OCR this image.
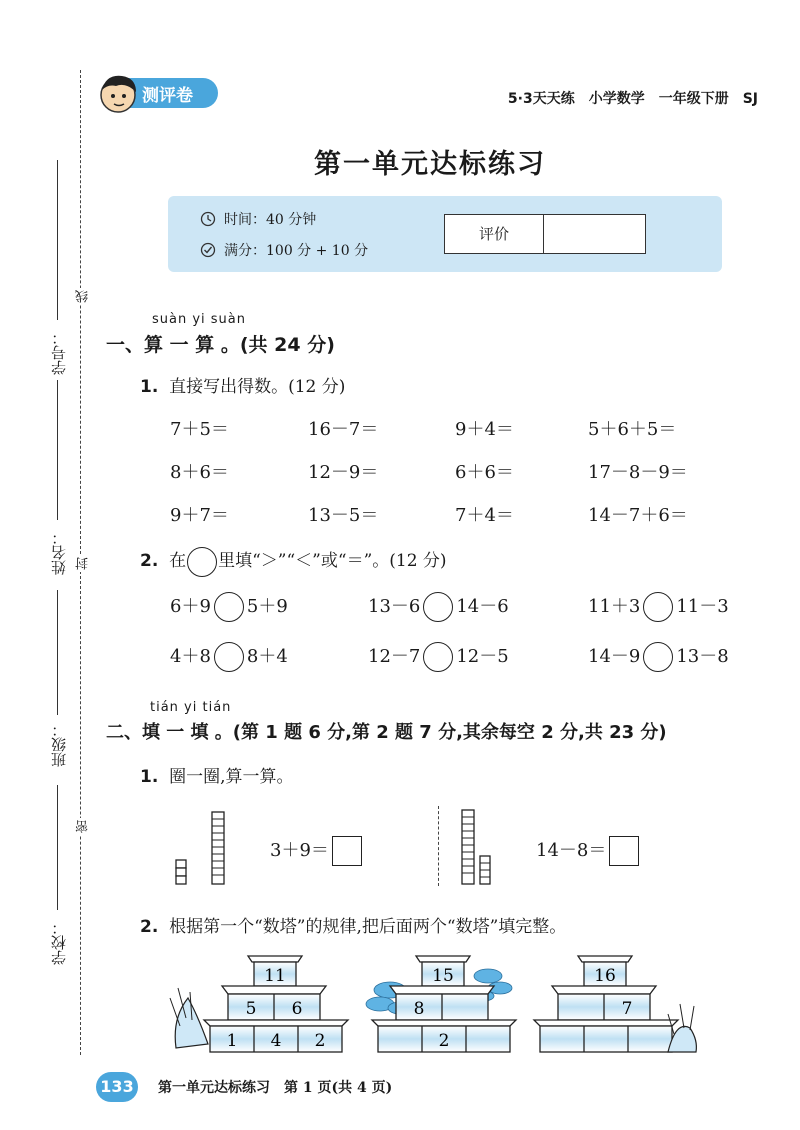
学号：
线
姓名： 封
班级：
密
学校：
测评卷	5·3天天练　小学数学　一年级下册　SJ
第一单元达标练习
时间：40 分钟
满分：100 分 + 10 分
评价
suàn yi suàn
一、算 一 算 。(共 24 分)
1. 直接写出得数。(12 分)
7＋5＝	16－7＝	9＋4＝	5＋6＋5＝
8＋6＝	12－9＝	6＋6＝	17－8－9＝
9＋7＝	13－5＝	7＋4＝	14－7＋6＝
2. 在 里填“＞”“＜”或“＝”。(12 分)
6＋9 5＋9	13－6 14－6	11＋3 11－3
4＋8 8＋4	12－7 12－5	14－9 13－8
tián yi tián
二、填 一 填 。(第 1 题 6 分,第 2 题 7 分,其余每空 2 分,共 23 分)
1. 圈一圈,算一算。
3＋9＝	14－8＝
2. 根据第一个“数塔”的规律,把后面两个“数塔”填完整。
11
5 6
1 4 2
15
8
2
16
7
133	第一单元达标练习　第 1 页(共 4 页)
